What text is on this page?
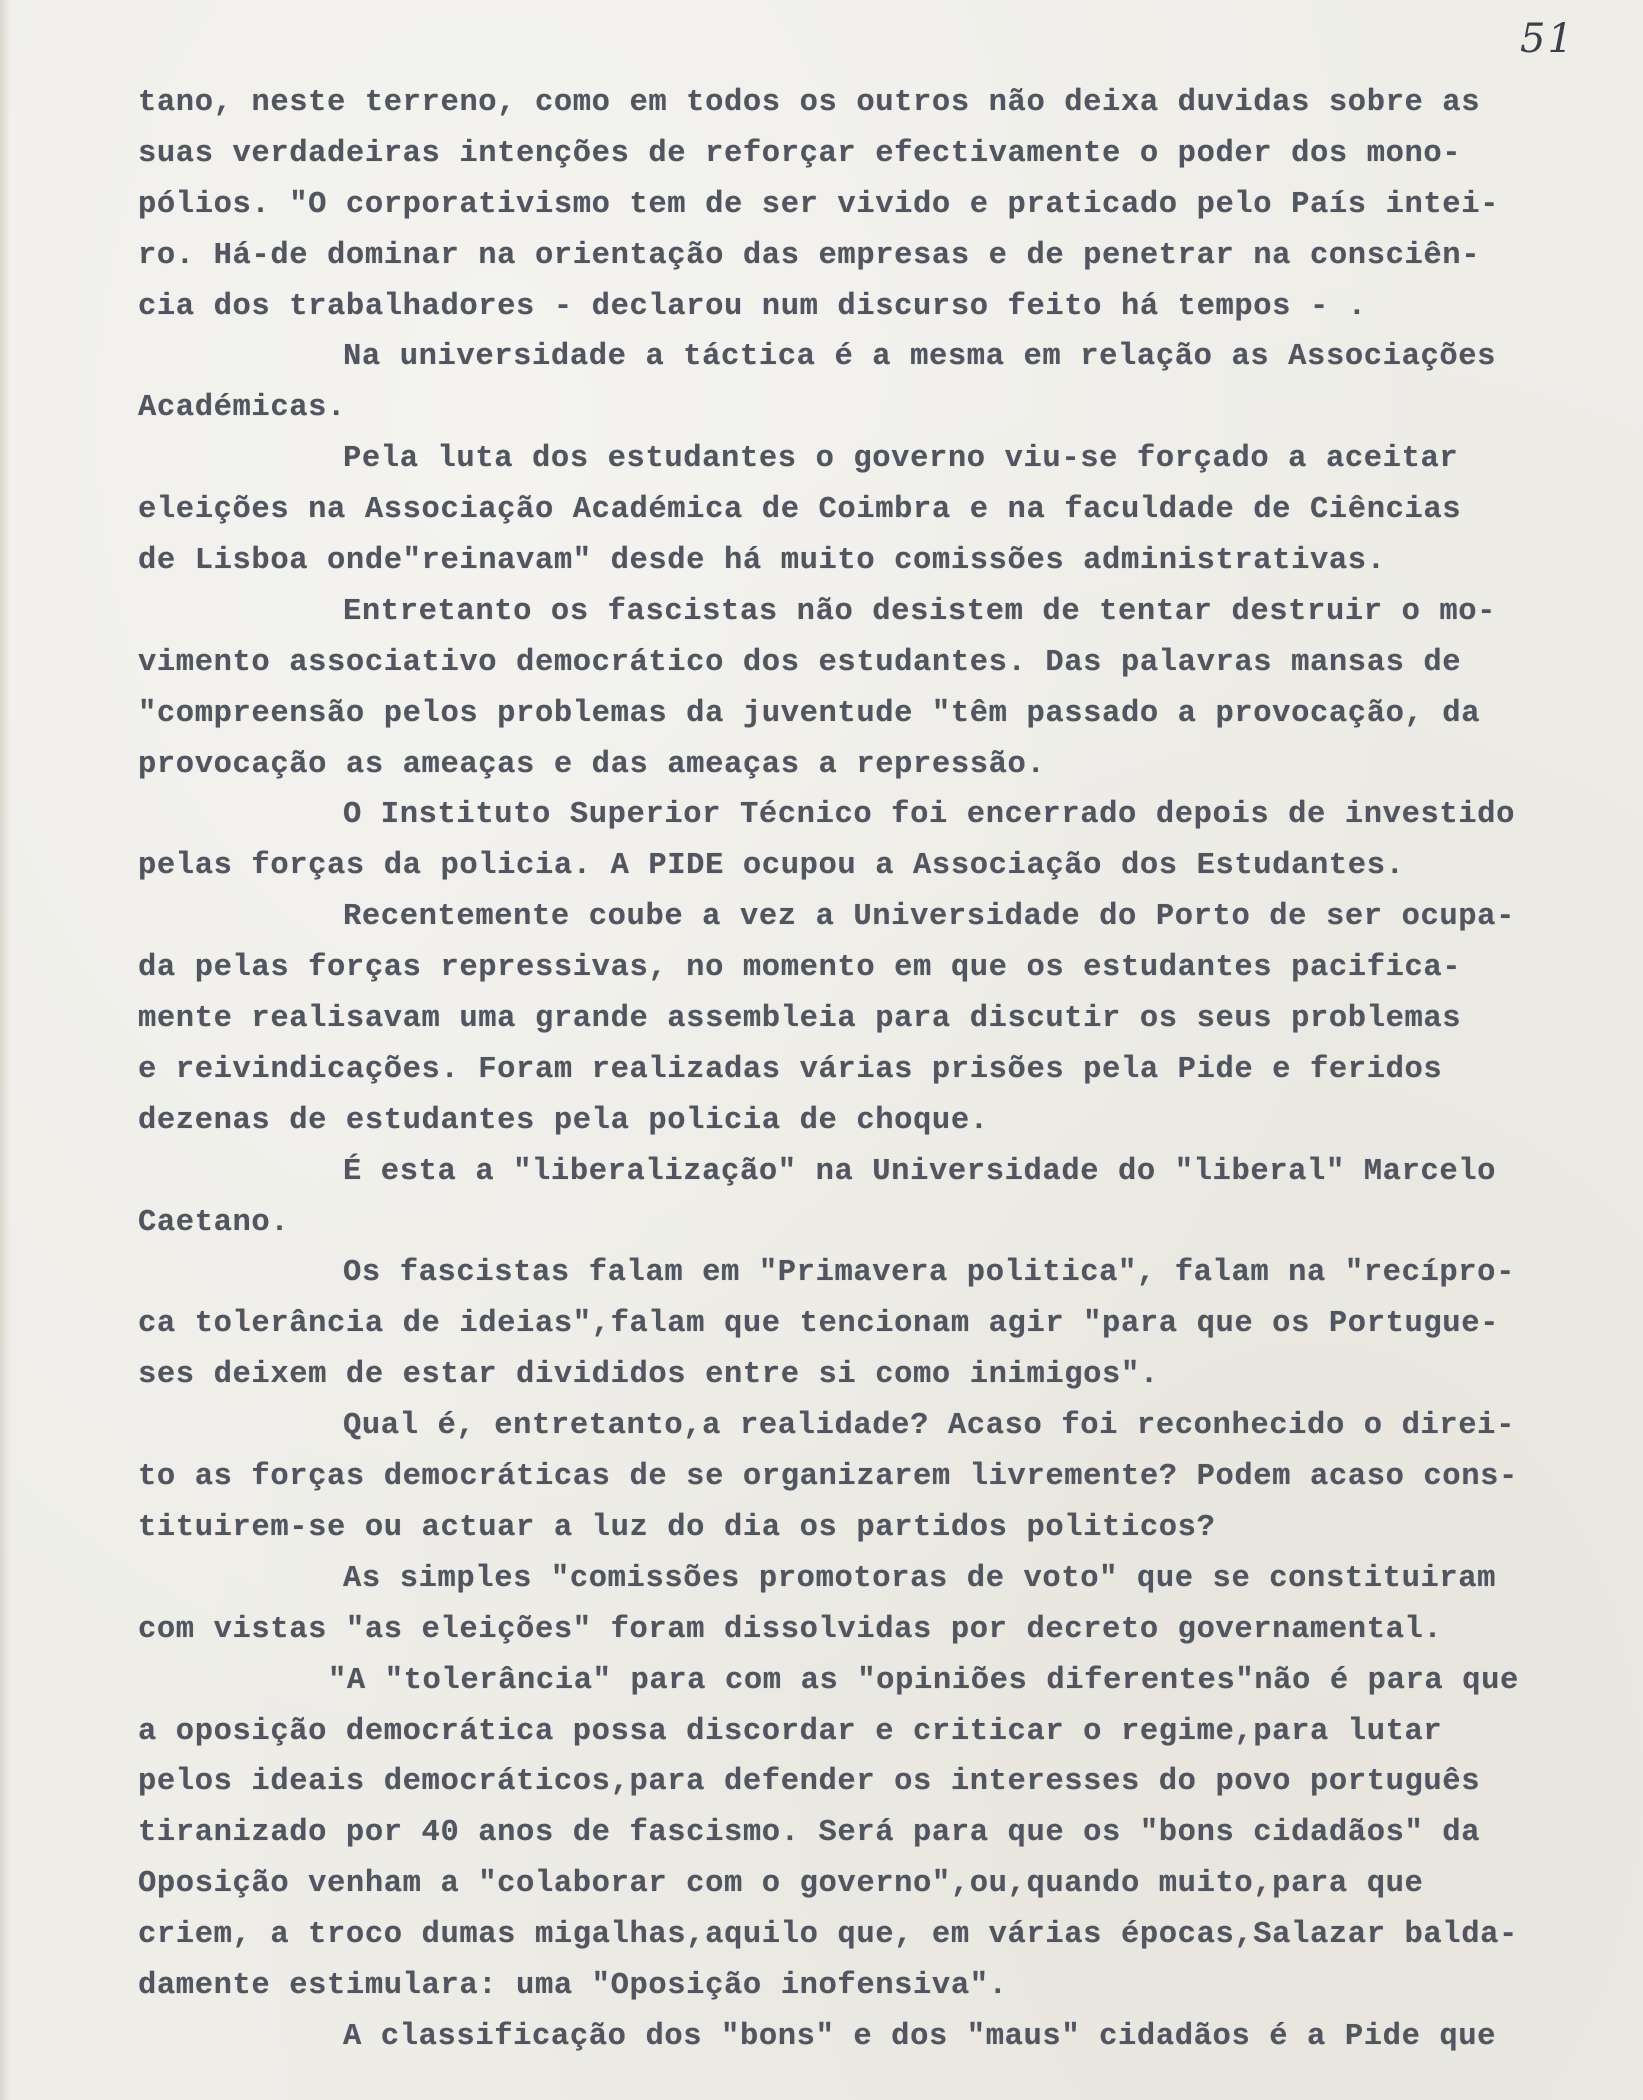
51
tano, neste terreno, como em todos os outros não deixa duvidas sobre as
suas verdadeiras intenções de reforçar efectivamente o poder dos mono-
pólios. "O corporativismo tem de ser vivido e praticado pelo País intei-
ro. Há-de dominar na orientação das empresas e de penetrar na consciên-
cia dos trabalhadores - declarou num discurso feito há tempos - .
Na universidade a táctica é a mesma em relação as Associações
Académicas.
Pela luta dos estudantes o governo viu-se forçado a aceitar
eleições na Associação Académica de Coimbra e na faculdade de Ciências
de Lisboa onde"reinavam" desde há muito comissões administrativas.
Entretanto os fascistas não desistem de tentar destruir o mo-
vimento associativo democrático dos estudantes. Das palavras mansas de
"compreensão pelos problemas da juventude "têm passado a provocação, da
provocação as ameaças e das ameaças a repressão.
O Instituto Superior Técnico foi encerrado depois de investido
pelas forças da policia. A PIDE ocupou a Associação dos Estudantes.
Recentemente coube a vez a Universidade do Porto de ser ocupa-
da pelas forças repressivas, no momento em que os estudantes pacifica-
mente realisavam uma grande assembleia para discutir os seus problemas
e reivindicações. Foram realizadas várias prisões pela Pide e feridos
dezenas de estudantes pela policia de choque.
É esta a "liberalização" na Universidade do "liberal" Marcelo
Caetano.
Os fascistas falam em "Primavera politica", falam na "recípro-
ca tolerância de ideias",falam que tencionam agir "para que os Portugue-
ses deixem de estar divididos entre si como inimigos".
Qual é, entretanto,a realidade? Acaso foi reconhecido o direi-
to as forças democráticas de se organizarem livremente? Podem acaso cons-
tituirem-se ou actuar a luz do dia os partidos politicos?
As simples "comissões promotoras de voto" que se constituiram
com vistas "as eleições" foram dissolvidas por decreto governamental.
"A "tolerância" para com as "opiniões diferentes"não é para que
a oposição democrática possa discordar e criticar o regime,para lutar
pelos ideais democráticos,para defender os interesses do povo português
tiranizado por 40 anos de fascismo. Será para que os "bons cidadãos" da
Oposição venham a "colaborar com o governo",ou,quando muito,para que
criem, a troco dumas migalhas,aquilo que, em várias épocas,Salazar balda-
damente estimulara: uma "Oposição inofensiva".
A classificação dos "bons" e dos "maus" cidadãos é a Pide que
